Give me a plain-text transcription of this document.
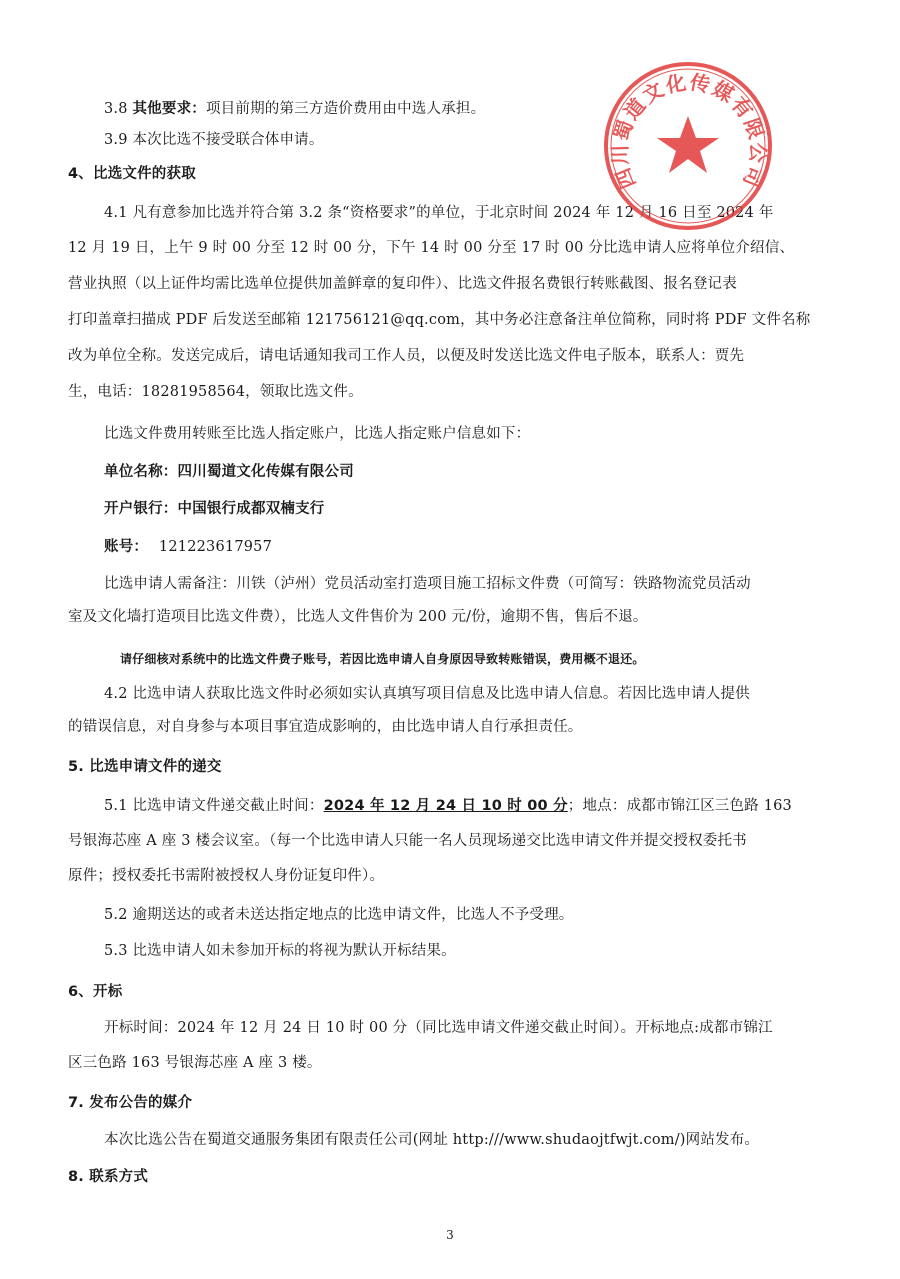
3.8 其他要求：项目前期的第三方造价费用由中选人承担。
3.9 本次比选不接受联合体申请。
4、比选文件的获取
4.1 凡有意参加比选并符合第 3.2 条“资格要求”的单位，于北京时间 2024 年 12 月 16 日至 2024 年
12 月 19 日，上午 9 时 00 分至 12 时 00 分，下午 14 时 00 分至 17 时 00 分比选申请人应将单位介绍信、
营业执照（以上证件均需比选单位提供加盖鲜章的复印件）、比选文件报名费银行转账截图、报名登记表
打印盖章扫描成 PDF 后发送至邮箱 121756121@qq.com，其中务必注意备注单位简称，同时将 PDF 文件名称
改为单位全称。发送完成后，请电话通知我司工作人员，以便及时发送比选文件电子版本，联系人：贾先
生，电话：18281958564，领取比选文件。
比选文件费用转账至比选人指定账户，比选人指定账户信息如下：
单位名称：四川蜀道文化传媒有限公司
开户银行：中国银行成都双楠支行
账号： 121223617957
比选申请人需备注：川铁（泸州）党员活动室打造项目施工招标文件费（可简写：铁路物流党员活动
室及文化墙打造项目比选文件费），比选人文件售价为 200 元/份，逾期不售，售后不退。
请仔细核对系统中的比选文件费子账号，若因比选申请人自身原因导致转账错误，费用概不退还。
4.2 比选申请人获取比选文件时必须如实认真填写项目信息及比选申请人信息。若因比选申请人提供
的错误信息，对自身参与本项目事宜造成影响的，由比选申请人自行承担责任。
5. 比选申请文件的递交
5.1 比选申请文件递交截止时间：2024 年 12 月 24 日 10 时 00 分；地点：成都市锦江区三色路 163
号银海芯座 A 座 3 楼会议室。（每一个比选申请人只能一名人员现场递交比选申请文件并提交授权委托书
原件；授权委托书需附被授权人身份证复印件）。
5.2 逾期送达的或者未送达指定地点的比选申请文件，比选人不予受理。
5.3 比选申请人如未参加开标的将视为默认开标结果。
6、开标
开标时间：2024 年 12 月 24 日 10 时 00 分（同比选申请文件递交截止时间）。开标地点:成都市锦江
区三色路 163 号银海芯座 A 座 3 楼。
7. 发布公告的媒介
本次比选公告在蜀道交通服务集团有限责任公司(网址 http:///www.shudaojtfwjt.com/)网站发布。
8. 联系方式
3
四川蜀道文化传媒有限公司
